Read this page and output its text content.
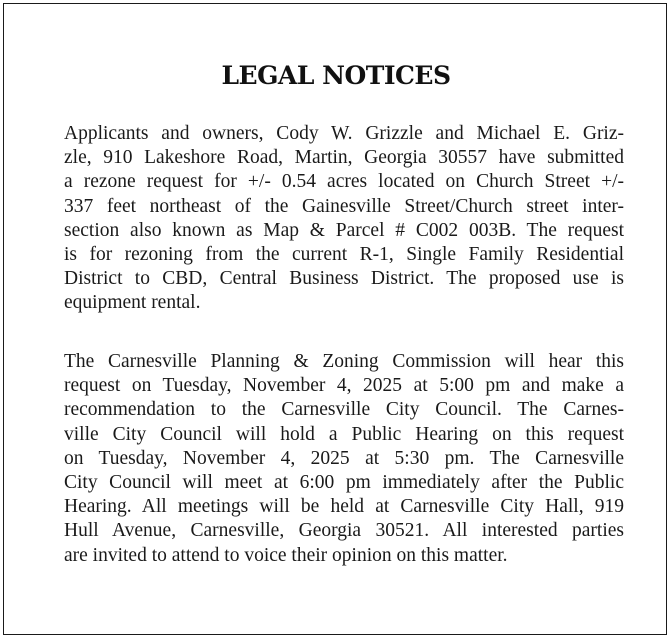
LEGAL NOTICES
Applicants and owners, Cody W. Grizzle and Michael E. Griz-
zle, 910 Lakeshore Road, Martin, Georgia 30557 have submitted
a rezone request for +/- 0.54 acres located on Church Street +/-
337 feet northeast of the Gainesville Street/Church street inter-
section also known as Map & Parcel # C002 003B. The request
is for rezoning from the current R-1, Single Family Residential
District to CBD, Central Business District. The proposed use is
equipment rental.
The Carnesville Planning & Zoning Commission will hear this
request on Tuesday, November 4, 2025 at 5:00 pm and make a
recommendation to the Carnesville City Council. The Carnes-
ville City Council will hold a Public Hearing on this request
on Tuesday, November 4, 2025 at 5:30 pm. The Carnesville
City Council will meet at 6:00 pm immediately after the Public
Hearing. All meetings will be held at Carnesville City Hall, 919
Hull Avenue, Carnesville, Georgia 30521. All interested parties
are invited to attend to voice their opinion on this matter.
